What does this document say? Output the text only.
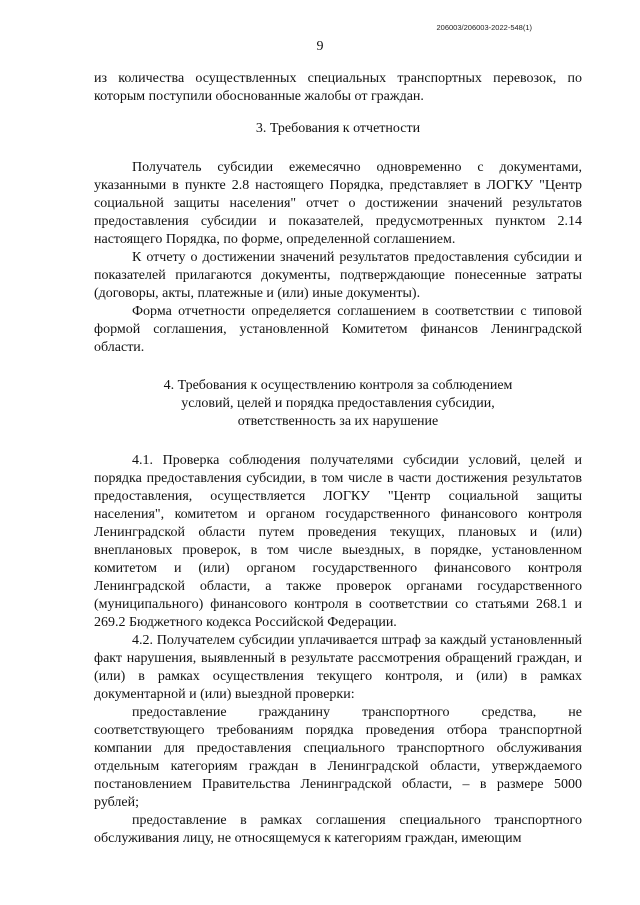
206003/206003-2022-548(1)
9

из количества осуществленных специальных транспортных перевозок, по которым поступили обоснованные жалобы от граждан.

3. Требования к отчетности

Получатель субсидии ежемесячно одновременно с документами, указанными в пункте 2.8 настоящего Порядка, представляет в ЛОГКУ "Центр социальной защиты населения" отчет о достижении значений результатов предоставления субсидии и показателей, предусмотренных пунктом 2.14 настоящего Порядка, по форме, определенной соглашением.

К отчету о достижении значений результатов предоставления субсидии и показателей прилагаются документы, подтверждающие понесенные затраты (договоры, акты, платежные и (или) иные документы).

Форма отчетности определяется соглашением в соответствии с типовой формой соглашения, установленной Комитетом финансов Ленинградской области.

4. Требования к осуществлению контроля за соблюдением
условий, целей и порядка предоставления субсидии,
ответственность за их нарушение

4.1. Проверка соблюдения получателями субсидии условий, целей и порядка предоставления субсидии, в том числе в части достижения результатов предоставления, осуществляется ЛОГКУ "Центр социальной защиты населения", комитетом и органом государственного финансового контроля Ленинградской области путем проведения текущих, плановых и (или) внеплановых проверок, в том числе выездных, в порядке, установленном комитетом и (или) органом государственного финансового контроля Ленинградской области, а также проверок органами государственного (муниципального) финансового контроля в соответствии со статьями 268.1 и 269.2 Бюджетного кодекса Российской Федерации.

4.2. Получателем субсидии уплачивается штраф за каждый установленный факт нарушения, выявленный в результате рассмотрения обращений граждан, и (или) в рамках осуществления текущего контроля, и (или) в рамках документарной и (или) выездной проверки:

предоставление гражданину транспортного средства, не соответствующего требованиям порядка проведения отбора транспортной компании для предоставления специального транспортного обслуживания отдельным категориям граждан в Ленинградской области, утверждаемого постановлением Правительства Ленинградской области, – в размере 5000 рублей;

предоставление в рамках соглашения специального транспортного обслуживания лицу, не относящемуся к категориям граждан, имеющим
